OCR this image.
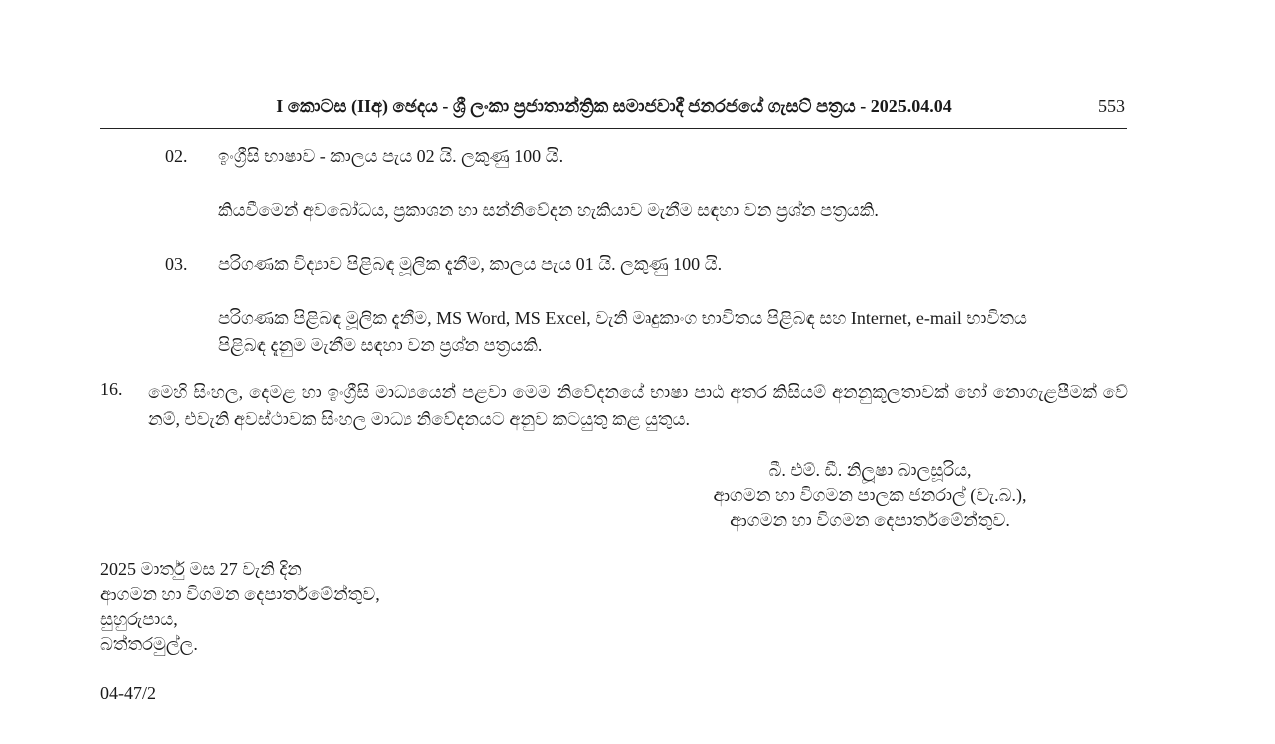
I කොටස (IIඅ) ඡෙදය - ශ්‍රී ලංකා ප්‍රජාතාන්ත්‍රික සමාජවාදී ජනරජයේ ගැසට් පත්‍රය - 2025.04.04	553
02. ඉංග්‍රීසි භාෂාව - කාලය පැය 02 යි. ලකුණු 100 යි.
කියවීමෙන් අවබෝධය, ප්‍රකාශන හා සන්නිවේදන හැකියාව මැනීම සඳහා වන ප්‍රශ්න පත්‍රයකි.
03. පරිගණක විද්‍යාව පිළිබඳ මූලික දැනීම, කාලය පැය 01 යි. ලකුණු 100 යි.
පරිගණක පිළිබඳ මූලික දැනීම, MS Word, MS Excel, වැනි මෘදුකාංග භාවිතය පිළිබඳ සහ Internet, e-mail භාවිතය
පිළිබඳ දැනුම මැනීම සඳහා වන ප්‍රශ්න පත්‍රයකි.
16. මෙහි සිංහල, දෙමළ හා ඉංග්‍රීසි මාධ්‍යයෙන් පළවා මෙම නිවේදනයේ භාෂා පාඨ අතර කිසියම් අනනුකූලතාවක් හෝ නොගැළපීමක් වේ නම්, එවැනි අවස්ථාවක සිංහල මාධ්‍ය නිවේදනයට අනුව කටයුතු කළ යුතුය.
බී. එම්. ඩී. නිලූෂා බාලසූරිය,
ආගමන හා විගමන පාලක ජනරාල් (වැ.බ.),
ආගමන හා විගමන දෙපාර්තමේන්තුව.
2025 මාර්තු මස 27 වැනි දින
ආගමන හා විගමන දෙපාර්තමේන්තුව,
සුහුරුපාය,
බත්තරමුල්ල.
04-47/2
